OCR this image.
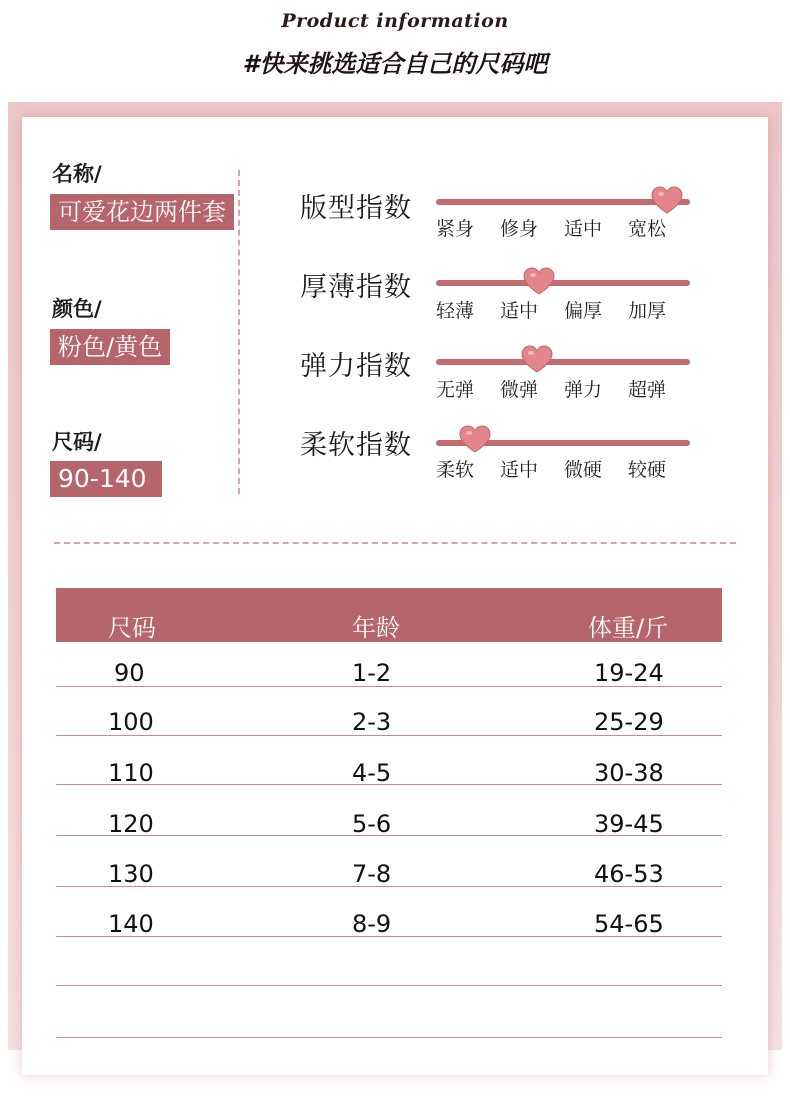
Product information
#快来挑选适合自己的尺码吧
名称/
可爱花边两件套
颜色/
粉色/黄色
尺码/
90-140
版型指数
紧身	修身	适中	宽松
厚薄指数
轻薄	适中	偏厚	加厚
弹力指数
无弹	微弹	弹力	超弹
柔软指数
柔软	适中	微硬	较硬
尺码	年龄	体重/斤
90	1-2	19-24
100	2-3	25-29
110	4-5	30-38
120	5-6	39-45
130	7-8	46-53
140	8-9	54-65
